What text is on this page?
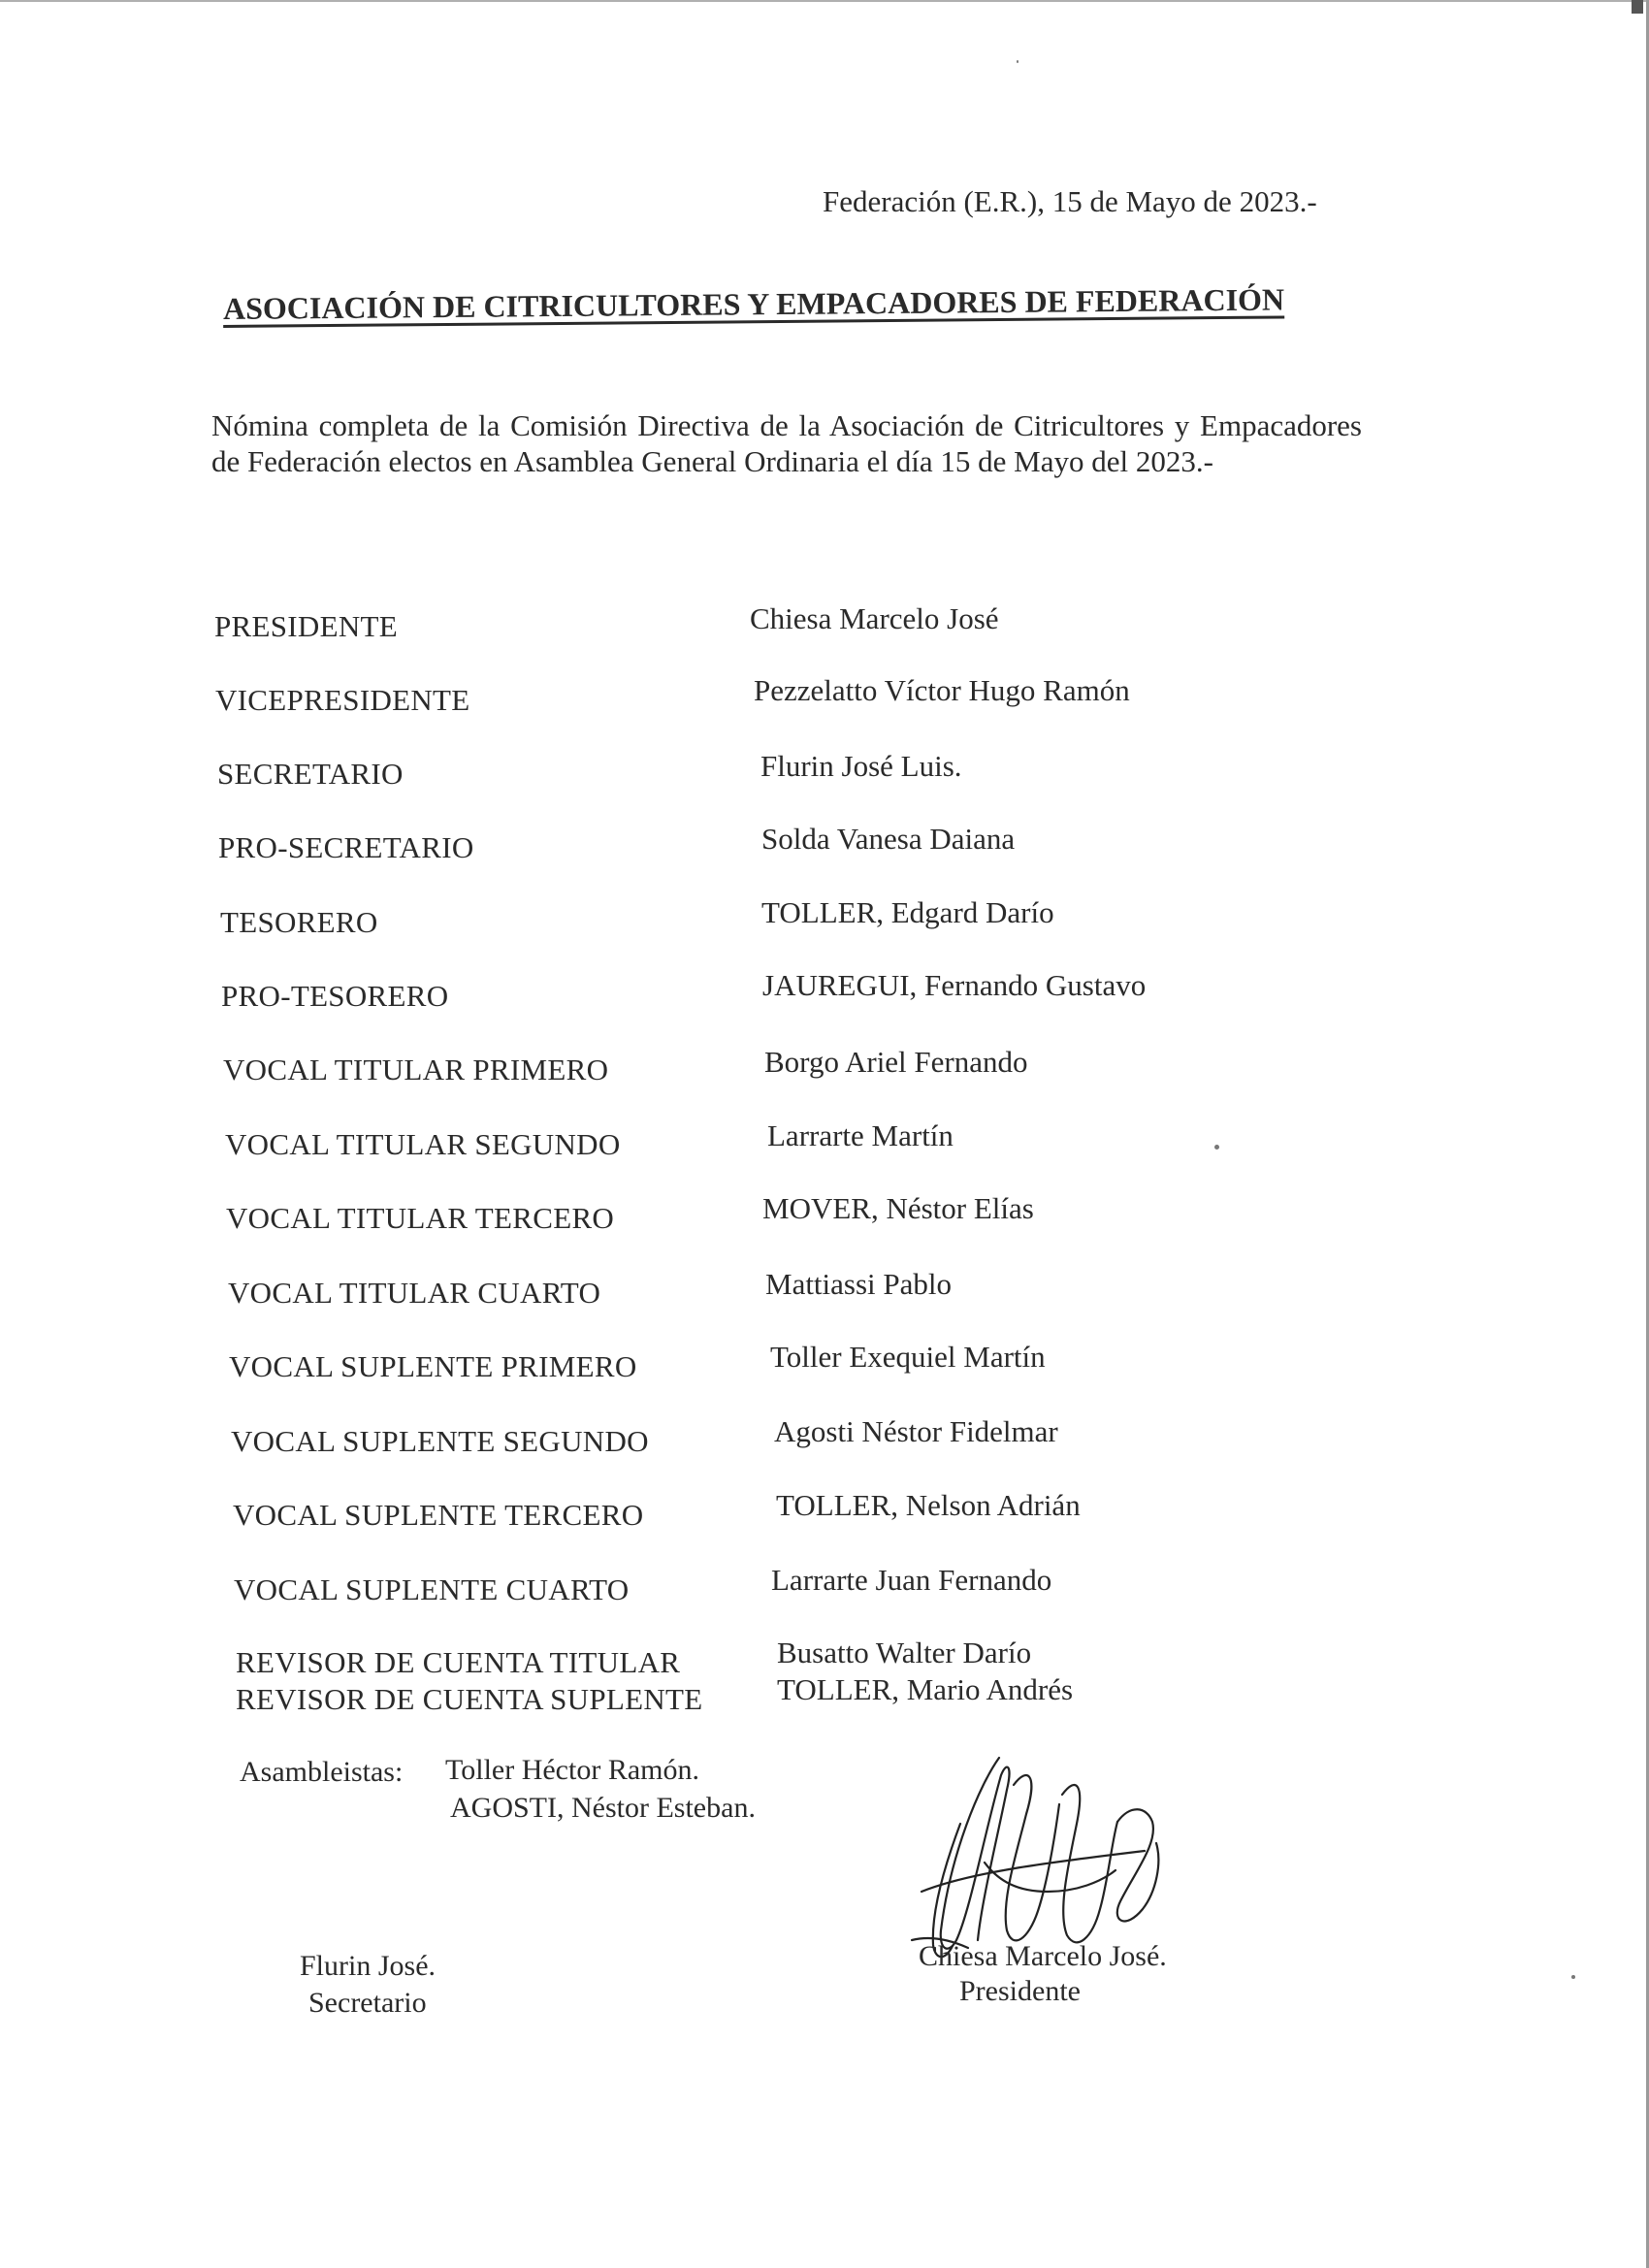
Federación (E.R.), 15 de Mayo de 2023.-
ASOCIACIÓN DE CITRICULTORES Y EMPACADORES DE FEDERACIÓN
Nómina completa de la Comisión Directiva de la Asociación de Citricultores y Empacadores de Federación electos en Asamblea General Ordinaria el día 15 de Mayo del 2023.-
PRESIDENTE	Chiesa Marcelo José
VICEPRESIDENTE	Pezzelatto Víctor Hugo Ramón
SECRETARIO	Flurin José Luis.
PRO-SECRETARIO	Solda Vanesa Daiana
TESORERO	TOLLER, Edgard Darío
PRO-TESORERO	JAUREGUI, Fernando Gustavo
VOCAL TITULAR PRIMERO	Borgo Ariel Fernando
VOCAL TITULAR SEGUNDO	Larrarte Martín
VOCAL TITULAR TERCERO	MOVER, Néstor Elías
VOCAL TITULAR CUARTO	Mattiassi Pablo
VOCAL SUPLENTE PRIMERO	Toller Exequiel Martín
VOCAL SUPLENTE SEGUNDO	Agosti Néstor Fidelmar
VOCAL SUPLENTE TERCERO	TOLLER, Nelson Adrián
VOCAL SUPLENTE CUARTO	Larrarte Juan Fernando
REVISOR DE CUENTA TITULAR	Busatto Walter Darío
REVISOR DE CUENTA SUPLENTE TOLLER, Mario Andrés
Asambleistas: Toller Héctor Ramón.
AGOSTI, Néstor Esteban.
Flurin José.
Secretario
Chiesa Marcelo José.
Presidente
